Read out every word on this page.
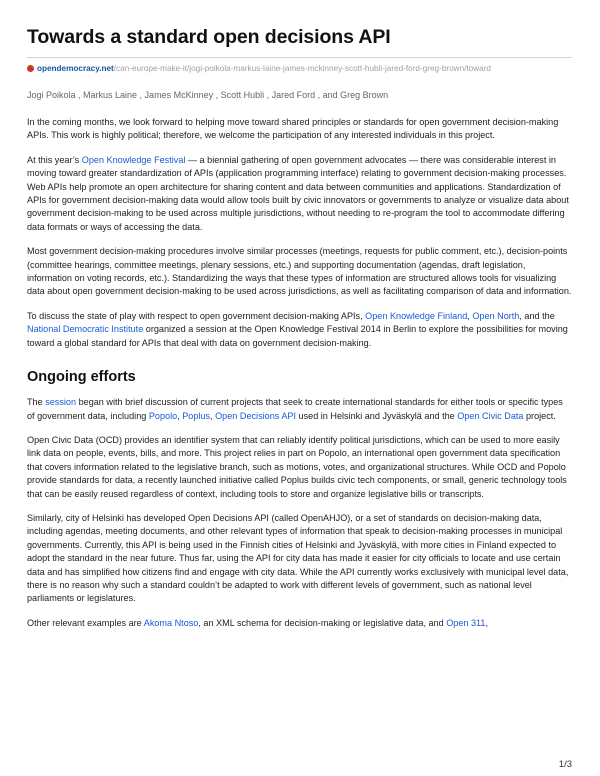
Towards a standard open decisions API
opendemocracy.net/can-europe-make-it/jogi-poikola-markus-laine-james-mckinney-scott-hubli-jared-ford-greg-brown/toward
Jogi Poikola , Markus Laine , James McKinney , Scott Hubli , Jared Ford , and Greg Brown

In the coming months, we look forward to helping move toward shared principles or standards for open government decision-making APIs. This work is highly political; therefore, we welcome the participation of any interested individuals in this project.

At this year’s Open Knowledge Festival — a biennial gathering of open government advocates — there was considerable interest in moving toward greater standardization of APIs (application programming interface) relating to government decision-making processes. Web APIs help promote an open architecture for sharing content and data between communities and applications. Standardization of APIs for government decision-making data would allow tools built by civic innovators or governments to analyze or visualize data about government decision-making to be used across multiple jurisdictions, without needing to re-program the tool to accommodate differing data formats or ways of accessing the data.

Most government decision-making procedures involve similar processes (meetings, requests for public comment, etc.), decision-points (committee hearings, committee meetings, plenary sessions, etc.) and supporting documentation (agendas, draft legislation, information on voting records, etc.). Standardizing the ways that these types of information are structured allows tools for visualizing data about open government decision-making to be used across jurisdictions, as well as facilitating comparison of data and information.

To discuss the state of play with respect to open government decision-making APIs, Open Knowledge Finland, Open North, and the National Democratic Institute organized a session at the Open Knowledge Festival 2014 in Berlin to explore the possibilities for moving toward a global standard for APIs that deal with data on government decision-making.

Ongoing efforts

The session began with brief discussion of current projects that seek to create international standards for either tools or specific types of government data, including Popolo, Poplus, Open Decisions API used in Helsinki and Jyväskylä and the Open Civic Data project.

Open Civic Data (OCD) provides an identifier system that can reliably identify political jurisdictions, which can be used to more easily link data on people, events, bills, and more. This project relies in part on Popolo, an international open government data specification that covers information related to the legislative branch, such as motions, votes, and organizational structures. While OCD and Popolo provide standards for data, a recently launched initiative called Poplus builds civic tech components, or small, generic technology tools that can be easily reused regardless of context, including tools to store and organize legislative bills or transcripts.

Similarly, city of Helsinki has developed Open Decisions API (called OpenAHJO), or a set of standards on decision-making data, including agendas, meeting documents, and other relevant types of information that speak to decision-making processes in municipal governments. Currently, this API is being used in the Finnish cities of Helsinki and Jyväskylä, with more cities in Finland expected to adopt the standard in the near future. Thus far, using the API for city data has made it easier for city officials to locate and use certain data and has simplified how citizens find and engage with city data. While the API currently works exclusively with municipal level data, there is no reason why such a standard couldn’t be adapted to work with different levels of government, such as national level parliaments or legislatures.

Other relevant examples are Akoma Ntoso, an XML schema for decision-making or legislative data, and Open 311,

1/3
